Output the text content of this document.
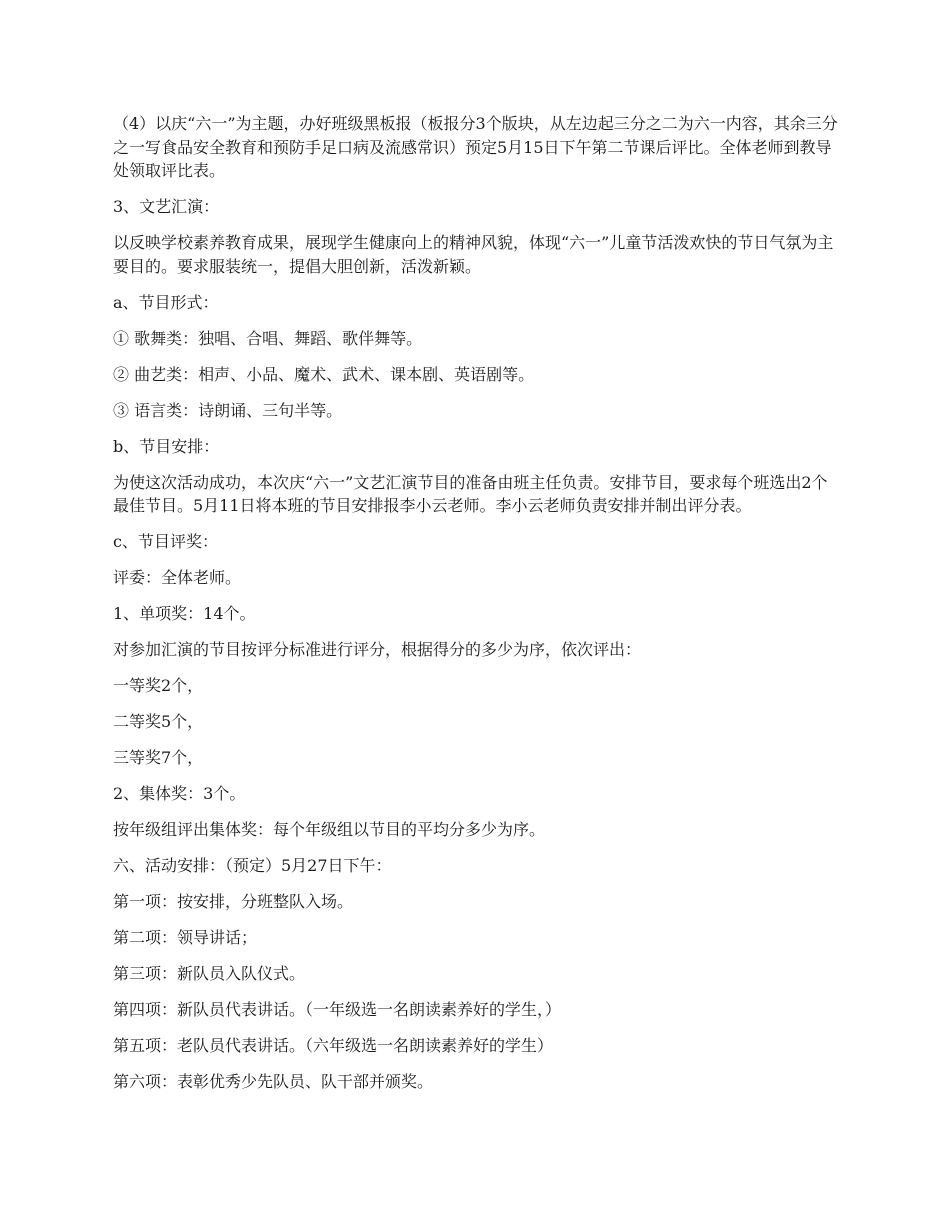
（4）以庆“六一”为主题，办好班级黑板报（板报分3个版块，从左边起三分之二为六一内容，其余三分之一写食品安全教育和预防手足口病及流感常识）预定5月15日下午第二节课后评比。全体老师到教导处领取评比表。

3、文艺汇演：

以反映学校素养教育成果，展现学生健康向上的精神风貌，体现“六一”儿童节活泼欢快的节日气氛为主要目的。要求服装统一，提倡大胆创新，活泼新颖。

a、节目形式：

① 歌舞类：独唱、合唱、舞蹈、歌伴舞等。

② 曲艺类：相声、小品、魔术、武术、课本剧、英语剧等。

③ 语言类：诗朗诵、三句半等。

b、节目安排：

为使这次活动成功，本次庆“六一”文艺汇演节目的准备由班主任负责。安排节目，要求每个班选出2个最佳节目。5月11日将本班的节目安排报李小云老师。李小云老师负责安排并制出评分表。

c、节目评奖：

评委：全体老师。

1、单项奖：14个。

对参加汇演的节目按评分标准进行评分，根据得分的多少为序，依次评出：

一等奖2个，

二等奖5个，

三等奖7个，

2、集体奖：3个。

按年级组评出集体奖：每个年级组以节目的平均分多少为序。

六、活动安排：（预定）5月27日下午：

第一项：按安排，分班整队入场。

第二项：领导讲话；

第三项：新队员入队仪式。

第四项：新队员代表讲话。（一年级选一名朗读素养好的学生，）

第五项：老队员代表讲话。（六年级选一名朗读素养好的学生）

第六项：表彰优秀少先队员、队干部并颁奖。
